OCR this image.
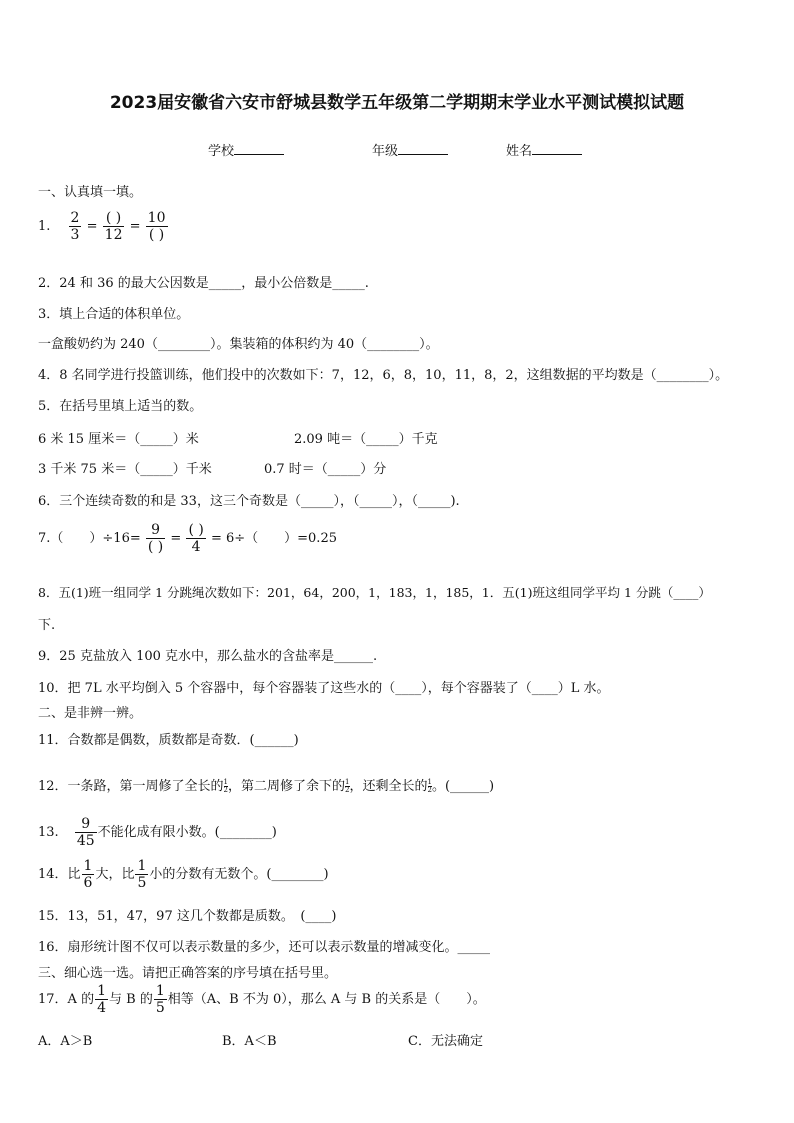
2023届安徽省六安市舒城县数学五年级第二学期期末学业水平测试模拟试题
学校	年级	姓名
一、认真填一填。
1. $\frac{2}{3} = \frac{( )}{12} = \frac{10}{( )}$
2．24 和 36 的最大公因数是_____，最小公倍数是_____.
3．填上合适的体积单位。
一盒酸奶约为 240（________）。集装箱的体积约为 40（________）。
4．8 名同学进行投篮训练，他们投中的次数如下：7，12，6，8，10，11，8，2，这组数据的平均数是（________）。
5．在括号里填上适当的数。
6 米 15 厘米＝（_____）米	2.09 吨＝（_____）千克
3 千米 75 米＝（_____）千米	0.7 时＝（_____）分
6．三个连续奇数的和是 33，这三个奇数是（_____），（_____），（_____).
7.（　　）$\div 16= \frac{9}{( )} = \frac{( )}{4} = 6\div$（　　）=0.25
8．五(1)班一组同学 1 分跳绳次数如下：201，64，200，1，183，1，185，1．五(1)班这组同学平均 1 分跳（____）
下.
9．25 克盐放入 100 克水中，那么盐水的含盐率是______.
10．把 7L 水平均倒入 5 个容器中，每个容器装了这些水的（____），每个容器装了（____）L 水。
二、是非辨一辨。
11．合数都是偶数，质数都是奇数．(______)
12．一条路，第一周修了全长的$\frac{1}{2}$ ，第二周修了余下的$\frac{1}{2}$ ，还剩全长的$\frac{1}{2}$ 。(______)
13. $\frac{9}{45}$ 不能化成有限小数。(________)
14．比 $\frac{1}{6}$ 大，比 $\frac{1}{5}$ 小的分数有无数个。(________)
15．13，51，47，97 这几个数都是质数。　(____)
16．扇形统计图不仅可以表示数量的多少，还可以表示数量的增减变化。_____
三、细心选一选。请把正确答案的序号填在括号里。
17．A 的 $\frac{1}{4}$ 与 B 的 $\frac{1}{5}$ 相等（A、B 不为 0），那么 A 与 B 的关系是（　　）。
A．A＞B	B．A＜B	C．无法确定
